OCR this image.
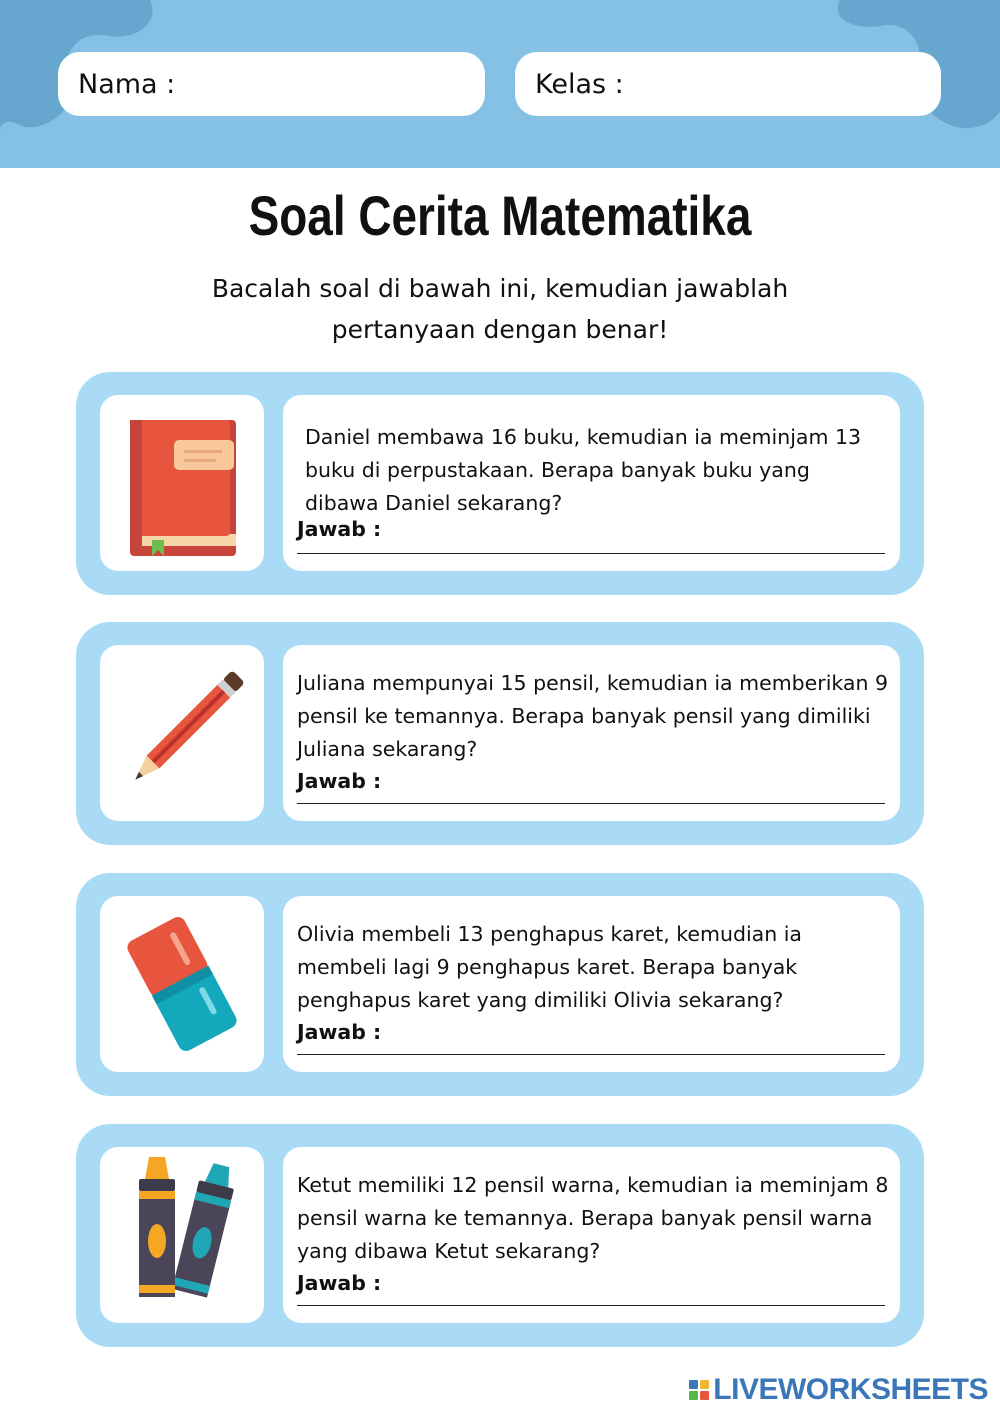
Nama :	Kelas :
Soal Cerita Matematika
Bacalah soal di bawah ini, kemudian jawablah pertanyaan dengan benar!
Daniel membawa 16 buku, kemudian ia meminjam 13 buku di perpustakaan. Berapa banyak buku yang dibawa Daniel sekarang?
Jawab :
Juliana mempunyai 15 pensil, kemudian ia memberikan 9 pensil ke temannya. Berapa banyak pensil yang dimiliki Juliana sekarang?
Jawab :
Olivia membeli 13 penghapus karet, kemudian ia membeli lagi 9 penghapus karet. Berapa banyak penghapus karet yang dimiliki Olivia sekarang?
Jawab :
Ketut memiliki 12 pensil warna, kemudian ia meminjam 8 pensil warna ke temannya. Berapa banyak pensil warna yang dibawa Ketut sekarang?
Jawab :
LIVEWORKSHEETS
